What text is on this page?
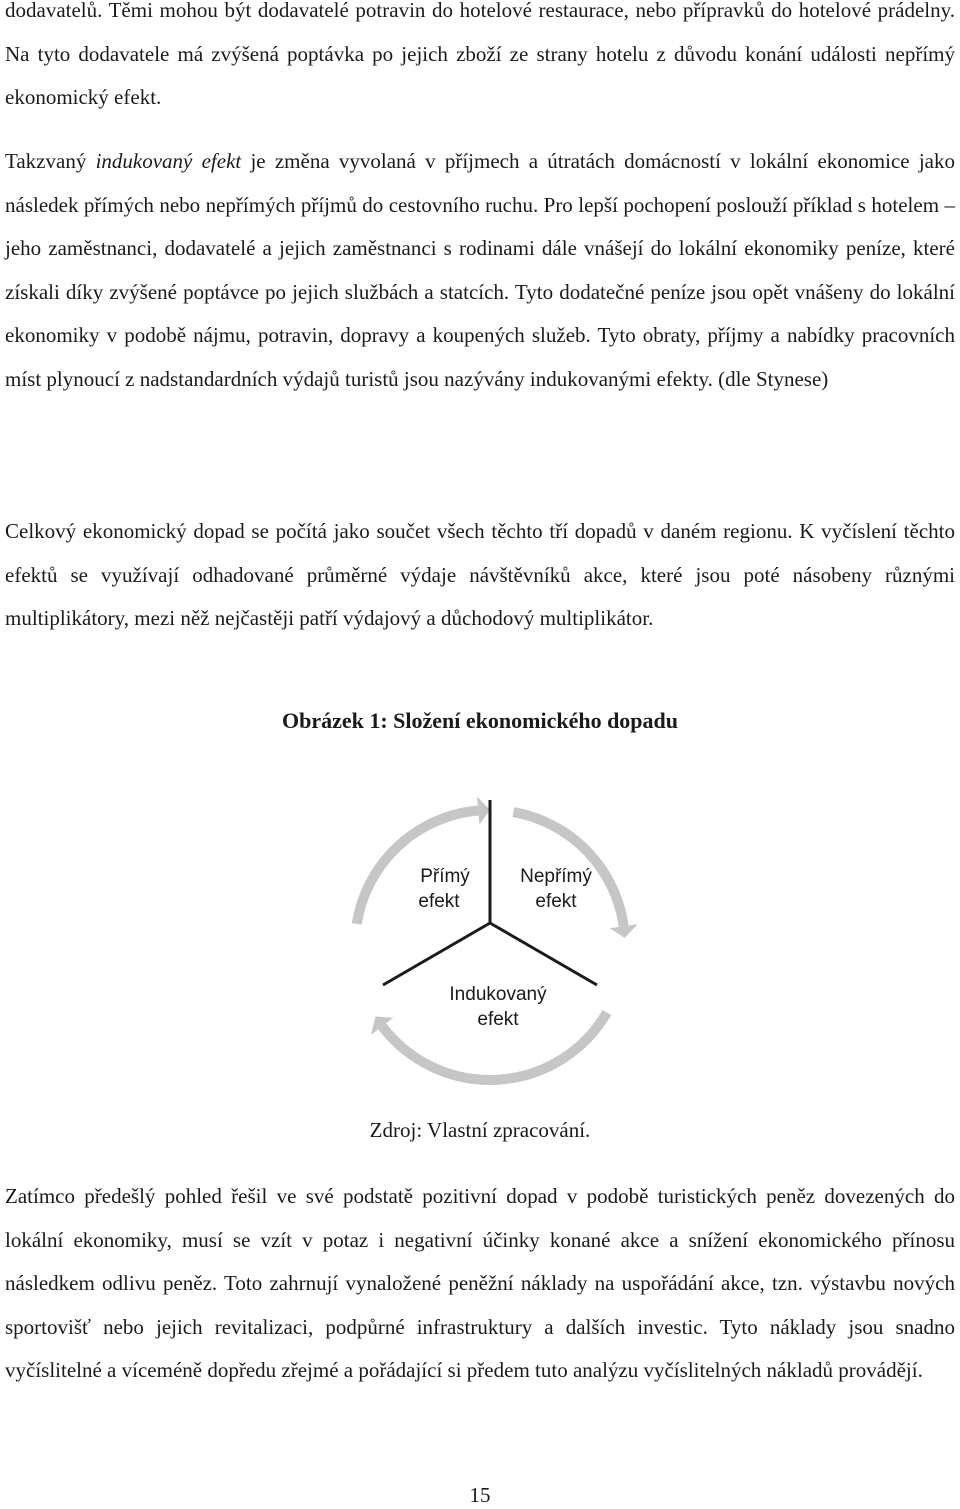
dodavatelů. Těmi mohou být dodavatelé potravin do hotelové restaurace, nebo přípravků do hotelové prádelny. Na tyto dodavatele má zvýšená poptávka po jejich zboží ze strany hotelu z důvodu konání události nepřímý ekonomický efekt.

Takzvaný indukovaný efekt je změna vyvolaná v příjmech a útratách domácností v lokální ekonomice jako následek přímých nebo nepřímých příjmů do cestovního ruchu. Pro lepší pochopení poslouží příklad s hotelem – jeho zaměstnanci, dodavatelé a jejich zaměstnanci s rodinami dále vnášejí do lokální ekonomiky peníze, které získali díky zvýšené poptávce po jejich službách a statcích. Tyto dodatečné peníze jsou opět vnášeny do lokální ekonomiky v podobě nájmu, potravin, dopravy a koupených služeb. Tyto obraty, příjmy a nabídky pracovních míst plynoucí z nadstandardních výdajů turistů jsou nazývány indukovanými efekty. (dle Stynese)

Celkový ekonomický dopad se počítá jako součet všech těchto tří dopadů v daném regionu. K vyčíslení těchto efektů se využívají odhadované průměrné výdaje návštěvníků akce, které jsou poté násobeny různými multiplikátory, mezi něž nejčastěji patří výdajový a důchodový multiplikátor.

Obrázek 1: Složení ekonomického dopadu

Přímý
efekt
Nepřímý
efekt
Indukovaný
efekt

Zdroj: Vlastní zpracování.

Zatímco předešlý pohled řešil ve své podstatě pozitivní dopad v podobě turistických peněz dovezených do lokální ekonomiky, musí se vzít v potaz i negativní účinky konané akce a snížení ekonomického přínosu následkem odlivu peněz. Toto zahrnují vynaložené peněžní náklady na uspořádání akce, tzn. výstavbu nových sportovišť nebo jejich revitalizaci, podpůrné infrastruktury a dalších investic. Tyto náklady jsou snadno vyčíslitelné a víceméně dopředu zřejmé a pořádající si předem tuto analýzu vyčíslitelných nákladů provádějí.

15
